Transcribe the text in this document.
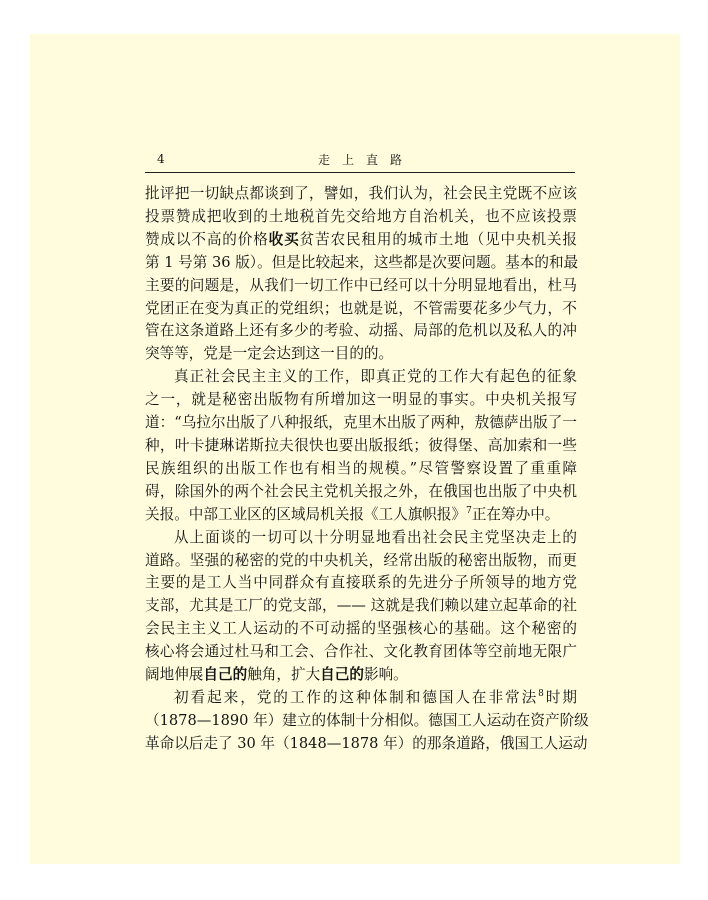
4	走上直路
批评把一切缺点都谈到了，譬如，我们认为，社会民主党既不应该
投票赞成把收到的土地税首先交给地方自治机关，也不应该投票
赞成以不高的价格收买贫苦农民租用的城市土地（见中央机关报
第 1 号第 36 版）。但是比较起来，这些都是次要问题。基本的和最
主要的问题是，从我们一切工作中已经可以十分明显地看出，杜马
党团正在变为真正的党组织；也就是说，不管需要花多少气力，不
管在这条道路上还有多少的考验、动摇、局部的危机以及私人的冲
突等等，党是一定会达到这一目的的。
真正社会民主主义的工作，即真正党的工作大有起色的征象
之一，就是秘密出版物有所增加这一明显的事实。中央机关报写
道：“乌拉尔出版了八种报纸，克里木出版了两种，敖德萨出版了一
种，叶卡捷琳诺斯拉夫很快也要出版报纸；彼得堡、高加索和一些
民族组织的出版工作也有相当的规模。”尽管警察设置了重重障
碍，除国外的两个社会民主党机关报之外，在俄国也出版了中央机
关报。中部工业区的区域局机关报《工人旗帜报》$^7$正在筹办中。
从上面谈的一切可以十分明显地看出社会民主党坚决走上的
道路。坚强的秘密的党的中央机关，经常出版的秘密出版物，而更
主要的是工人当中同群众有直接联系的先进分子所领导的地方党
支部，尤其是工厂的党支部，—— 这就是我们赖以建立起革命的社
会民主主义工人运动的不可动摇的坚强核心的基础。这个秘密的
核心将会通过杜马和工会、合作社、文化教育团体等空前地无限广
阔地伸展自己的触角，扩大自己的影响。
初看起来，党的工作的这种体制和德国人在非常法$^8$时期
（1878—1890 年）建立的体制十分相似。德国工人运动在资产阶级
革命以后走了 30 年（1848—1878 年）的那条道路，俄国工人运动
